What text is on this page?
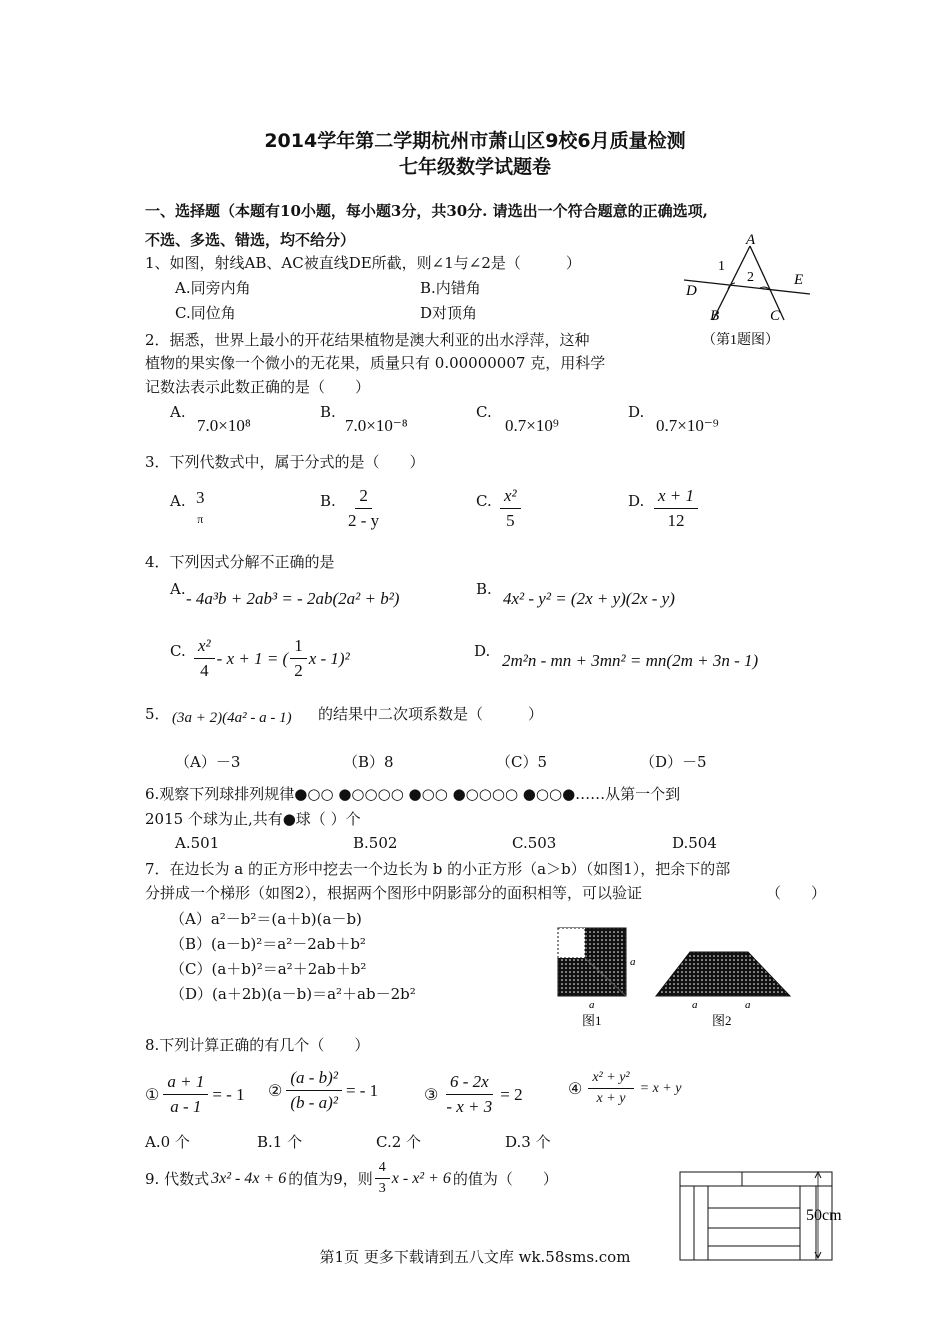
2014学年第二学期杭州市萧山区9校6月质量检测
七年级数学试题卷
一、选择题（本题有10小题，每小题3分，共30分. 请选出一个符合题意的正确选项,
不选、多选、错选，均不给分）
1、如图，射线AB、AC被直线DE所截，则∠1与∠2是（　　　）
A.同旁内角	B.内错角
C.同位角	D对顶角
A
1
2
D
E
B	C
（第1题图）
2．据悉，世界上最小的开花结果植物是澳大利亚的出水浮萍，这种
植物的果实像一个微小的无花果，质量只有 0.00000007 克，用科学
记数法表示此数正确的是（　　）
A.
7.0×10⁸
B.
7.0×10⁻⁸
C.
0.7×10⁹
D.
0.7×10⁻⁹
3．下列代数式中，属于分式的是（　　）
A. 3
π
B. $\frac{2}{2 - y}$	C. $\frac{\text{x²}}{5}$	D. $\frac{x + 1}{12}$
4．下列因式分解不正确的是
A. - 4a³b + 2ab³ = - 2ab(2a² + b²)	B. 4x² - y² = (2x + y)(2x - y)
C. $\frac{\text{x²}}{4} - x + 1$ = ( $\frac{1}{2}$ x - 1)²	D. 2m²n - mn + 3mn² = mn(2m + 3n - 1)
5． (3a + 2)(4a² - a - 1) 的结果中二次项系数是（　　　）
（A）－3	（B）8	（C）5	（D）－5
6.观察下列球排列规律●○○ ●○○○○ ●○○ ●○○○○ ●○○●……从第一个到
2015 个球为止,共有●球（ ）个
A.501	B.502	C.503	D.504
7．在边长为 a 的正方形中挖去一个边长为 b 的小正方形（a＞b）（如图1），把余下的部
分拼成一个梯形（如图2），根据两个图形中阴影部分的面积相等，可以验证	（　　）
（A）a²－b²＝(a＋b)(a－b)
（B）(a－b)²＝a²－2ab＋b²
（C）(a＋b)²＝a²＋2ab＋b²
（D）(a＋2b)(a－b)＝a²＋ab－2b²
a
a
图1
a	a
图2
8.下列计算正确的有几个（　　）
① $\frac{a + 1}{a - 1}$ = - 1 ② $\frac{\text{(a - b)²}}{\text{(b - a)²}}$ = - 1	③ $\frac{6 - 2x}{- x + 3} = 2$	④ $\frac{\text{x² + y²}}{x + y} = x + y$
A.0 个	B.1 个	C.2 个	D.3 个
9. 代数式 3x² - 4x + 6 的值为9，则 $\frac{4}{3}$ x - x² + 6 的值为（　　）
50cm
第1页 更多下载请到五八文库 wk.58sms.com
